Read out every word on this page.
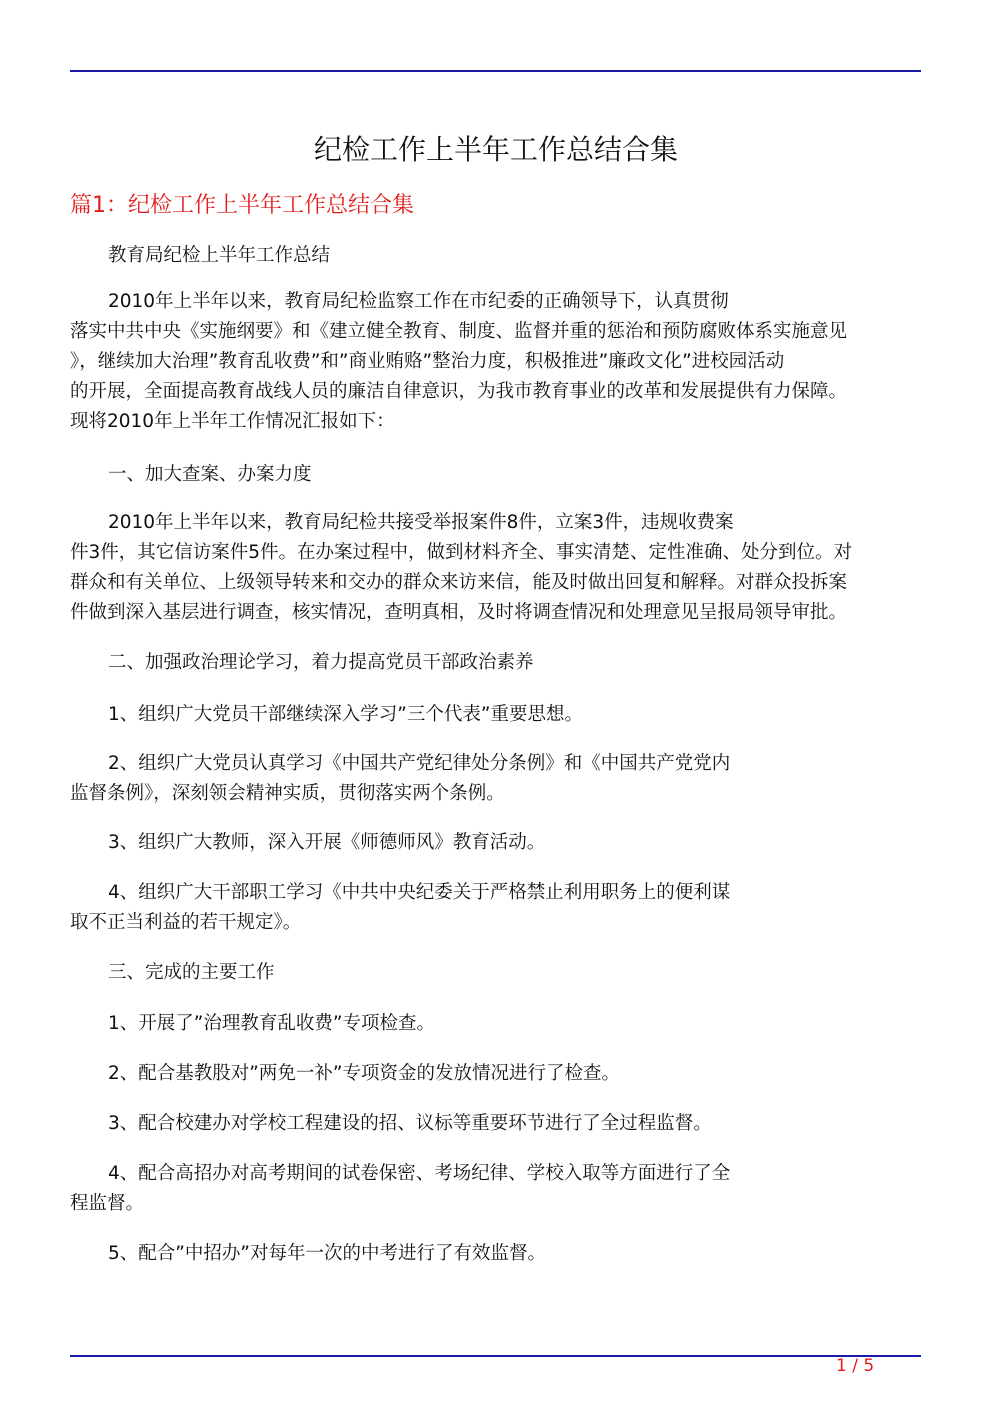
纪检工作上半年工作总结合集
篇1：纪检工作上半年工作总结合集
教育局纪检上半年工作总结
2010年上半年以来，教育局纪检监察工作在市纪委的正确领导下，认真贯彻
落实中共中央《实施纲要》和《建立健全教育、制度、监督并重的惩治和预防腐败体系实施意见
》，继续加大治理”教育乱收费”和”商业贿赂”整治力度，积极推进”廉政文化”进校园活动
的开展，全面提高教育战线人员的廉洁自律意识，为我市教育事业的改革和发展提供有力保障。
现将2010年上半年工作情况汇报如下：
一、加大查案、办案力度
2010年上半年以来，教育局纪检共接受举报案件8件，立案3件，违规收费案
件3件，其它信访案件5件。在办案过程中，做到材料齐全、事实清楚、定性准确、处分到位。对
群众和有关单位、上级领导转来和交办的群众来访来信，能及时做出回复和解释。对群众投拆案
件做到深入基层进行调查，核实情况，查明真相，及时将调查情况和处理意见呈报局领导审批。
二、加强政治理论学习，着力提高党员干部政治素养
1、组织广大党员干部继续深入学习”三个代表”重要思想。
2、组织广大党员认真学习《中国共产党纪律处分条例》和《中国共产党党内
监督条例》，深刻领会精神实质，贯彻落实两个条例。
3、组织广大教师，深入开展《师德师风》教育活动。
4、组织广大干部职工学习《中共中央纪委关于严格禁止利用职务上的便利谋
取不正当利益的若干规定》。
三、完成的主要工作
1、开展了”治理教育乱收费”专项检查。
2、配合基教股对”两免一补”专项资金的发放情况进行了检查。
3、配合校建办对学校工程建设的招、议标等重要环节进行了全过程监督。
4、配合高招办对高考期间的试卷保密、考场纪律、学校入取等方面进行了全
程监督。
5、配合”中招办”对每年一次的中考进行了有效监督。
1 / 5
